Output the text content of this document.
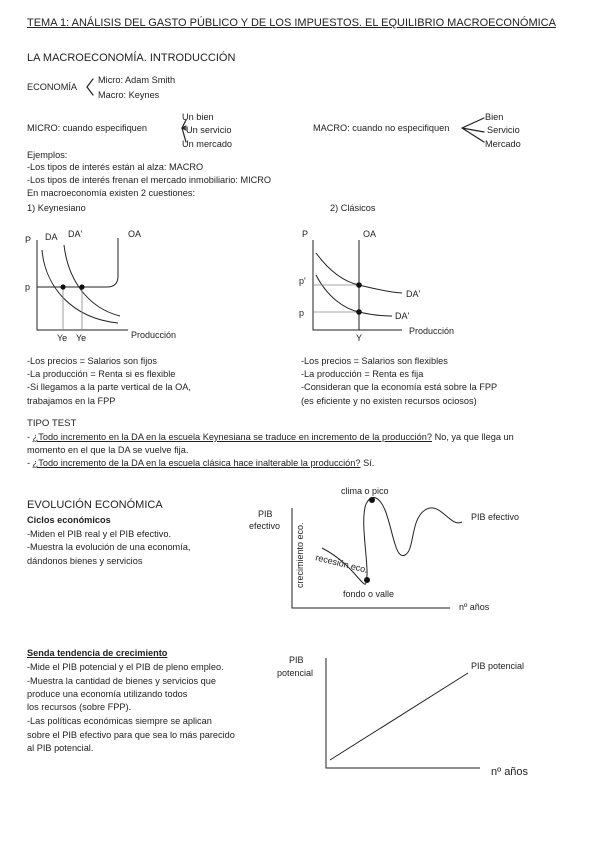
TEMA 1: ANÁLISIS DEL GASTO PÚBLICO Y DE LOS IMPUESTOS. EL EQUILIBRIO MACROECONÓMICA
LA MACROECONOMÍA. INTRODUCCIÓN
ECONOMÍA
Micro: Adam Smith
Macro: Keynes
MICRO: cuando especifiquen
Un bien
Un servicio
Un mercado
MACRO: cuando no especifiquen
Bien
Servicio
Mercado
Ejemplos:
-Los tipos de interés están al alza: MACRO
-Los tipos de interés frenan el mercado inmobiliario: MICRO
En macroeconomía existen 2 cuestiones:
1) Keynesiano	2) Clásicos
-Los precios = Salarios son fijos
-La producción = Renta si es flexible
-Si llegamos a la parte vertical de la OA,
trabajamos en la FPP
-Los precios = Salarios son flexibles
-La producción = Renta es fija
-Consideran que la economía está sobre la FPP
(es eficiente y no existen recursos ociosos)
TIPO TEST
- ¿Todo incremento en la DA en la escuela Keynesiana se traduce en incremento de la producción? No, ya que llega un
momento en el que la DA se vuelve fija.
- ¿Todo incremento de la DA en la escuela clásica hace inalterable la producción? Sí.
EVOLUCIÓN ECONÓMICA
Ciclos económicos
-Miden el PIB real y el PIB efectivo.
-Muestra la evolución de una economía,
dándonos bienes y servicios
Senda tendencia de crecimiento
-Mide el PIB potencial y el PIB de pleno empleo.
-Muestra la cantidad de bienes y servicios que
produce una economía utilizando todos
los recursos (sobre FPP).
-Las políticas económicas siempre se aplican
sobre el PIB efectivo para que sea lo más parecido
al PIB potencial.
P DA DA'	OA
p
Ye Ye	Producción
P	OA
p'
p
DA'
DA'
Y
Producción
PIB
efectivo crecimiento eco.
clima o pico
recesión eco.
fondo o valle
PIB efectivo
nº años
PIB
potencial
PIB potencial
nº años
